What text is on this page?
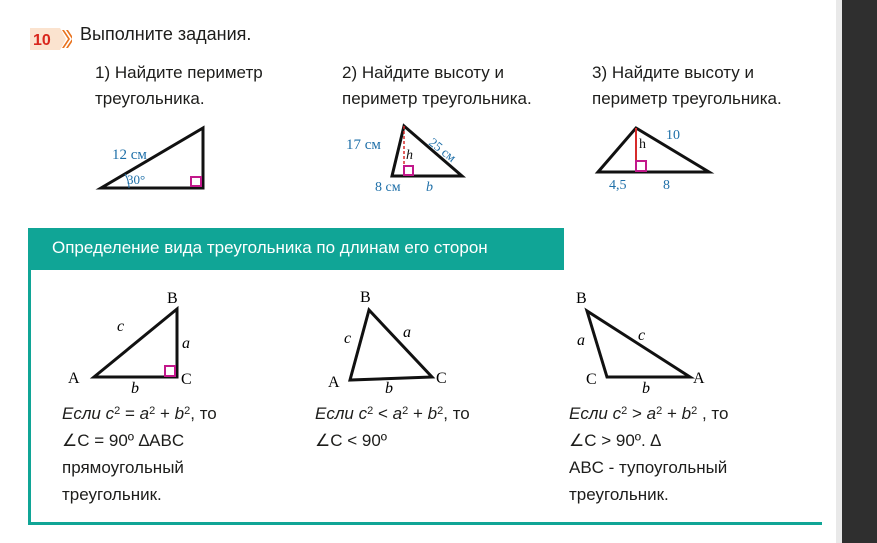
10 Выполните задания.
1) Найдите периметр
треугольника.
2) Найдите высоту и
периметр треугольника.
3) Найдите высоту и
периметр треугольника.
12 см
30°
17 см	25 см
h
8 см b
10
h
4,5	8
Определение вида треугольника по длинам его сторон
B
A	C
c
a
b
B
A	C
c	a
b
B
C	A
a	c
b
Если $c^2 = a^2 + b^2$, то
∠C = 90º ∆ABC
прямоугольный
треугольник.
Если $c^2 < a^2 + b^2$, то
∠C < 90º
Если $c^2 > a^2 + b^2$ , то
∠C > 90º. ∆
ABC - тупоугольный
треугольник.
